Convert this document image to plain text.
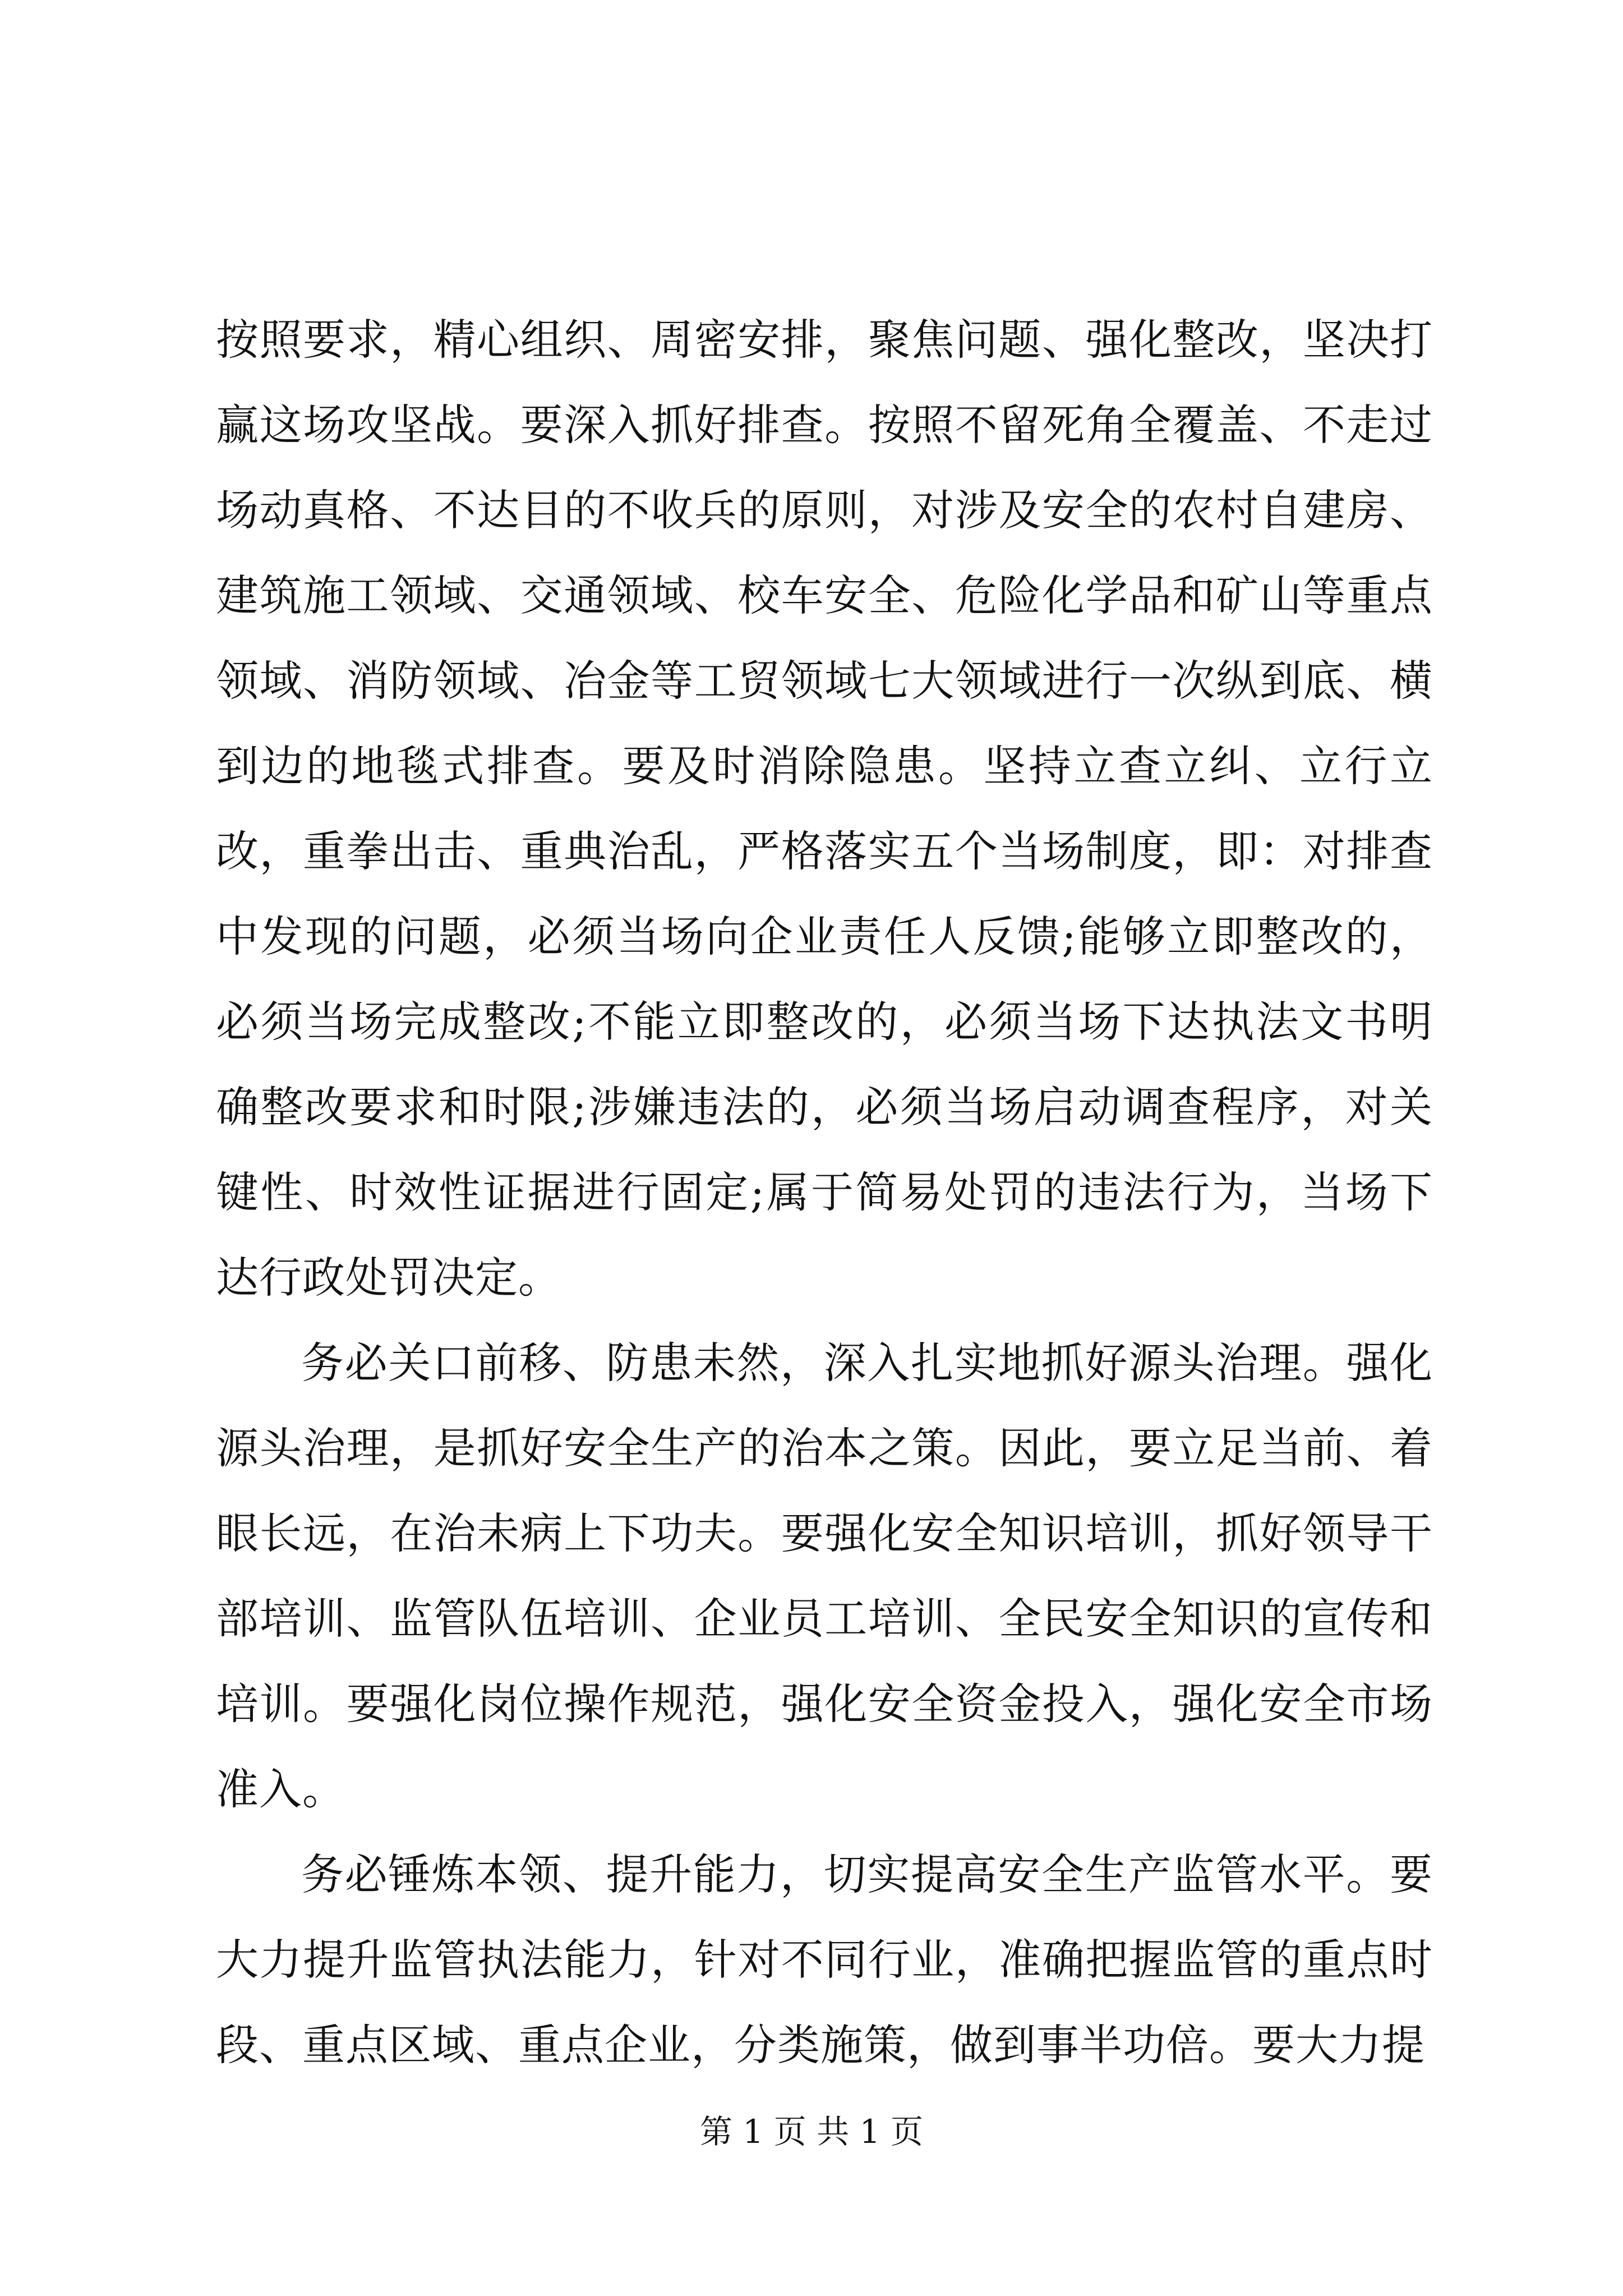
按照要求，精心组织、周密安排，聚焦问题、强化整改，坚决打赢这场攻坚战。要深入抓好排查。按照不留死角全覆盖、不走过场动真格、不达目的不收兵的原则，对涉及安全的农村自建房、建筑施工领域、交通领域、校车安全、危险化学品和矿山等重点领域、消防领域、冶金等工贸领域七大领域进行一次纵到底、横到边的地毯式排查。要及时消除隐患。坚持立查立纠、立行立改，重拳出击、重典治乱，严格落实五个当场制度，即：对排查中发现的问题，必须当场向企业责任人反馈;能够立即整改的，必须当场完成整改;不能立即整改的，必须当场下达执法文书明确整改要求和时限;涉嫌违法的，必须当场启动调查程序，对关键性、时效性证据进行固定;属于简易处罚的违法行为，当场下达行政处罚决定。

务必关口前移、防患未然，深入扎实地抓好源头治理。强化源头治理，是抓好安全生产的治本之策。因此，要立足当前、着眼长远，在治未病上下功夫。要强化安全知识培训，抓好领导干部培训、监管队伍培训、企业员工培训、全民安全知识的宣传和培训。要强化岗位操作规范，强化安全资金投入，强化安全市场准入。

务必锤炼本领、提升能力，切实提高安全生产监管水平。要大力提升监管执法能力，针对不同行业，准确把握监管的重点时段、重点区域、重点企业，分类施策，做到事半功倍。要大力提

第 1 页 共 1 页
